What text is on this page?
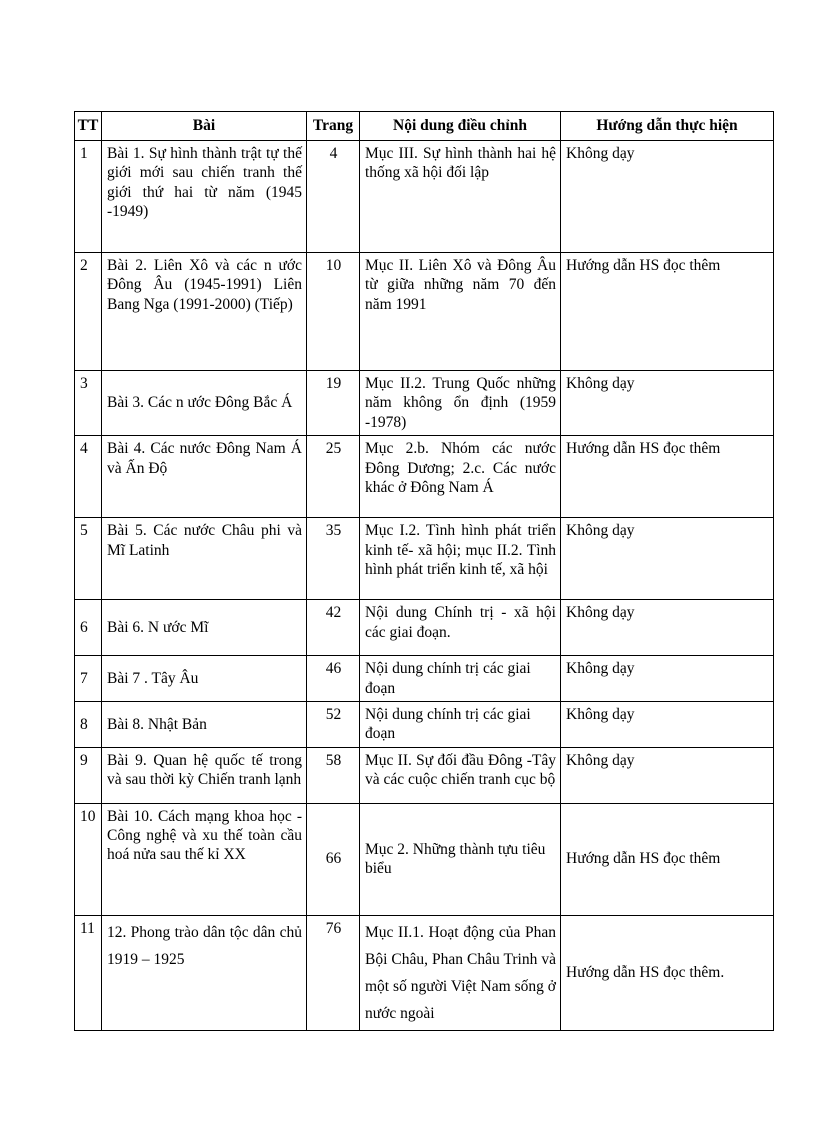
TT	Bài	Trang	Nội dung điều chỉnh	Hướng dẫn thực hiện
1	Bài 1. Sự hình thành trật tự thế giới mới sau chiến tranh thế giới thứ hai từ năm (1945 -1949)	4	Mục III. Sự hình thành hai hệ thống xã hội đối lập	Không dạy
2	Bài 2. Liên Xô và các n ước Đông Âu (1945-1991) Liên Bang Nga (1991-2000) (Tiếp)	10	Mục II. Liên Xô và Đông Âu từ giữa những năm 70 đến năm 1991	Hướng dẫn HS đọc thêm
3	Bài 3. Các n ước Đông Bắc Á	19	Mục II.2. Trung Quốc những năm không ổn định (1959 -1978)	Không dạy
4	Bài 4. Các nước Đông Nam Á và Ấn Độ	25	Mục 2.b. Nhóm các nước Đông Dương; 2.c. Các nước khác ở Đông Nam Á	Hướng dẫn HS đọc thêm
5	Bài 5. Các nước Châu phi và Mĩ Latinh	35	Mục I.2. Tình hình phát triển kinh tế- xã hội; mục II.2. Tình hình phát triển kinh tế, xã hội	Không dạy
6	Bài 6. N ước Mĩ	42	Nội dung Chính trị - xã hội các giai đoạn.	Không dạy
7	Bài 7 . Tây Âu	46	Nội dung chính trị các giai đoạn	Không dạy
8	Bài 8. Nhật Bản	52	Nội dung chính trị các giai đoạn	Không dạy
9	Bài 9. Quan hệ quốc tế trong và sau thời kỳ Chiến tranh lạnh	58	Mục II. Sự đối đầu Đông -Tây và các cuộc chiến tranh cục bộ	Không dạy
10	Bài 10. Cách mạng khoa học - Công nghệ và xu thế toàn cầu hoá nửa sau thế kỉ XX	66	Mục 2. Những thành tựu tiêu biểu	Hướng dẫn HS đọc thêm
11	12. Phong trào dân tộc dân chủ 1919 – 1925	76	Mục II.1. Hoạt động của Phan Bội Châu, Phan Châu Trinh và một số người Việt Nam sống ở nước ngoài	Hướng dẫn HS đọc thêm.
